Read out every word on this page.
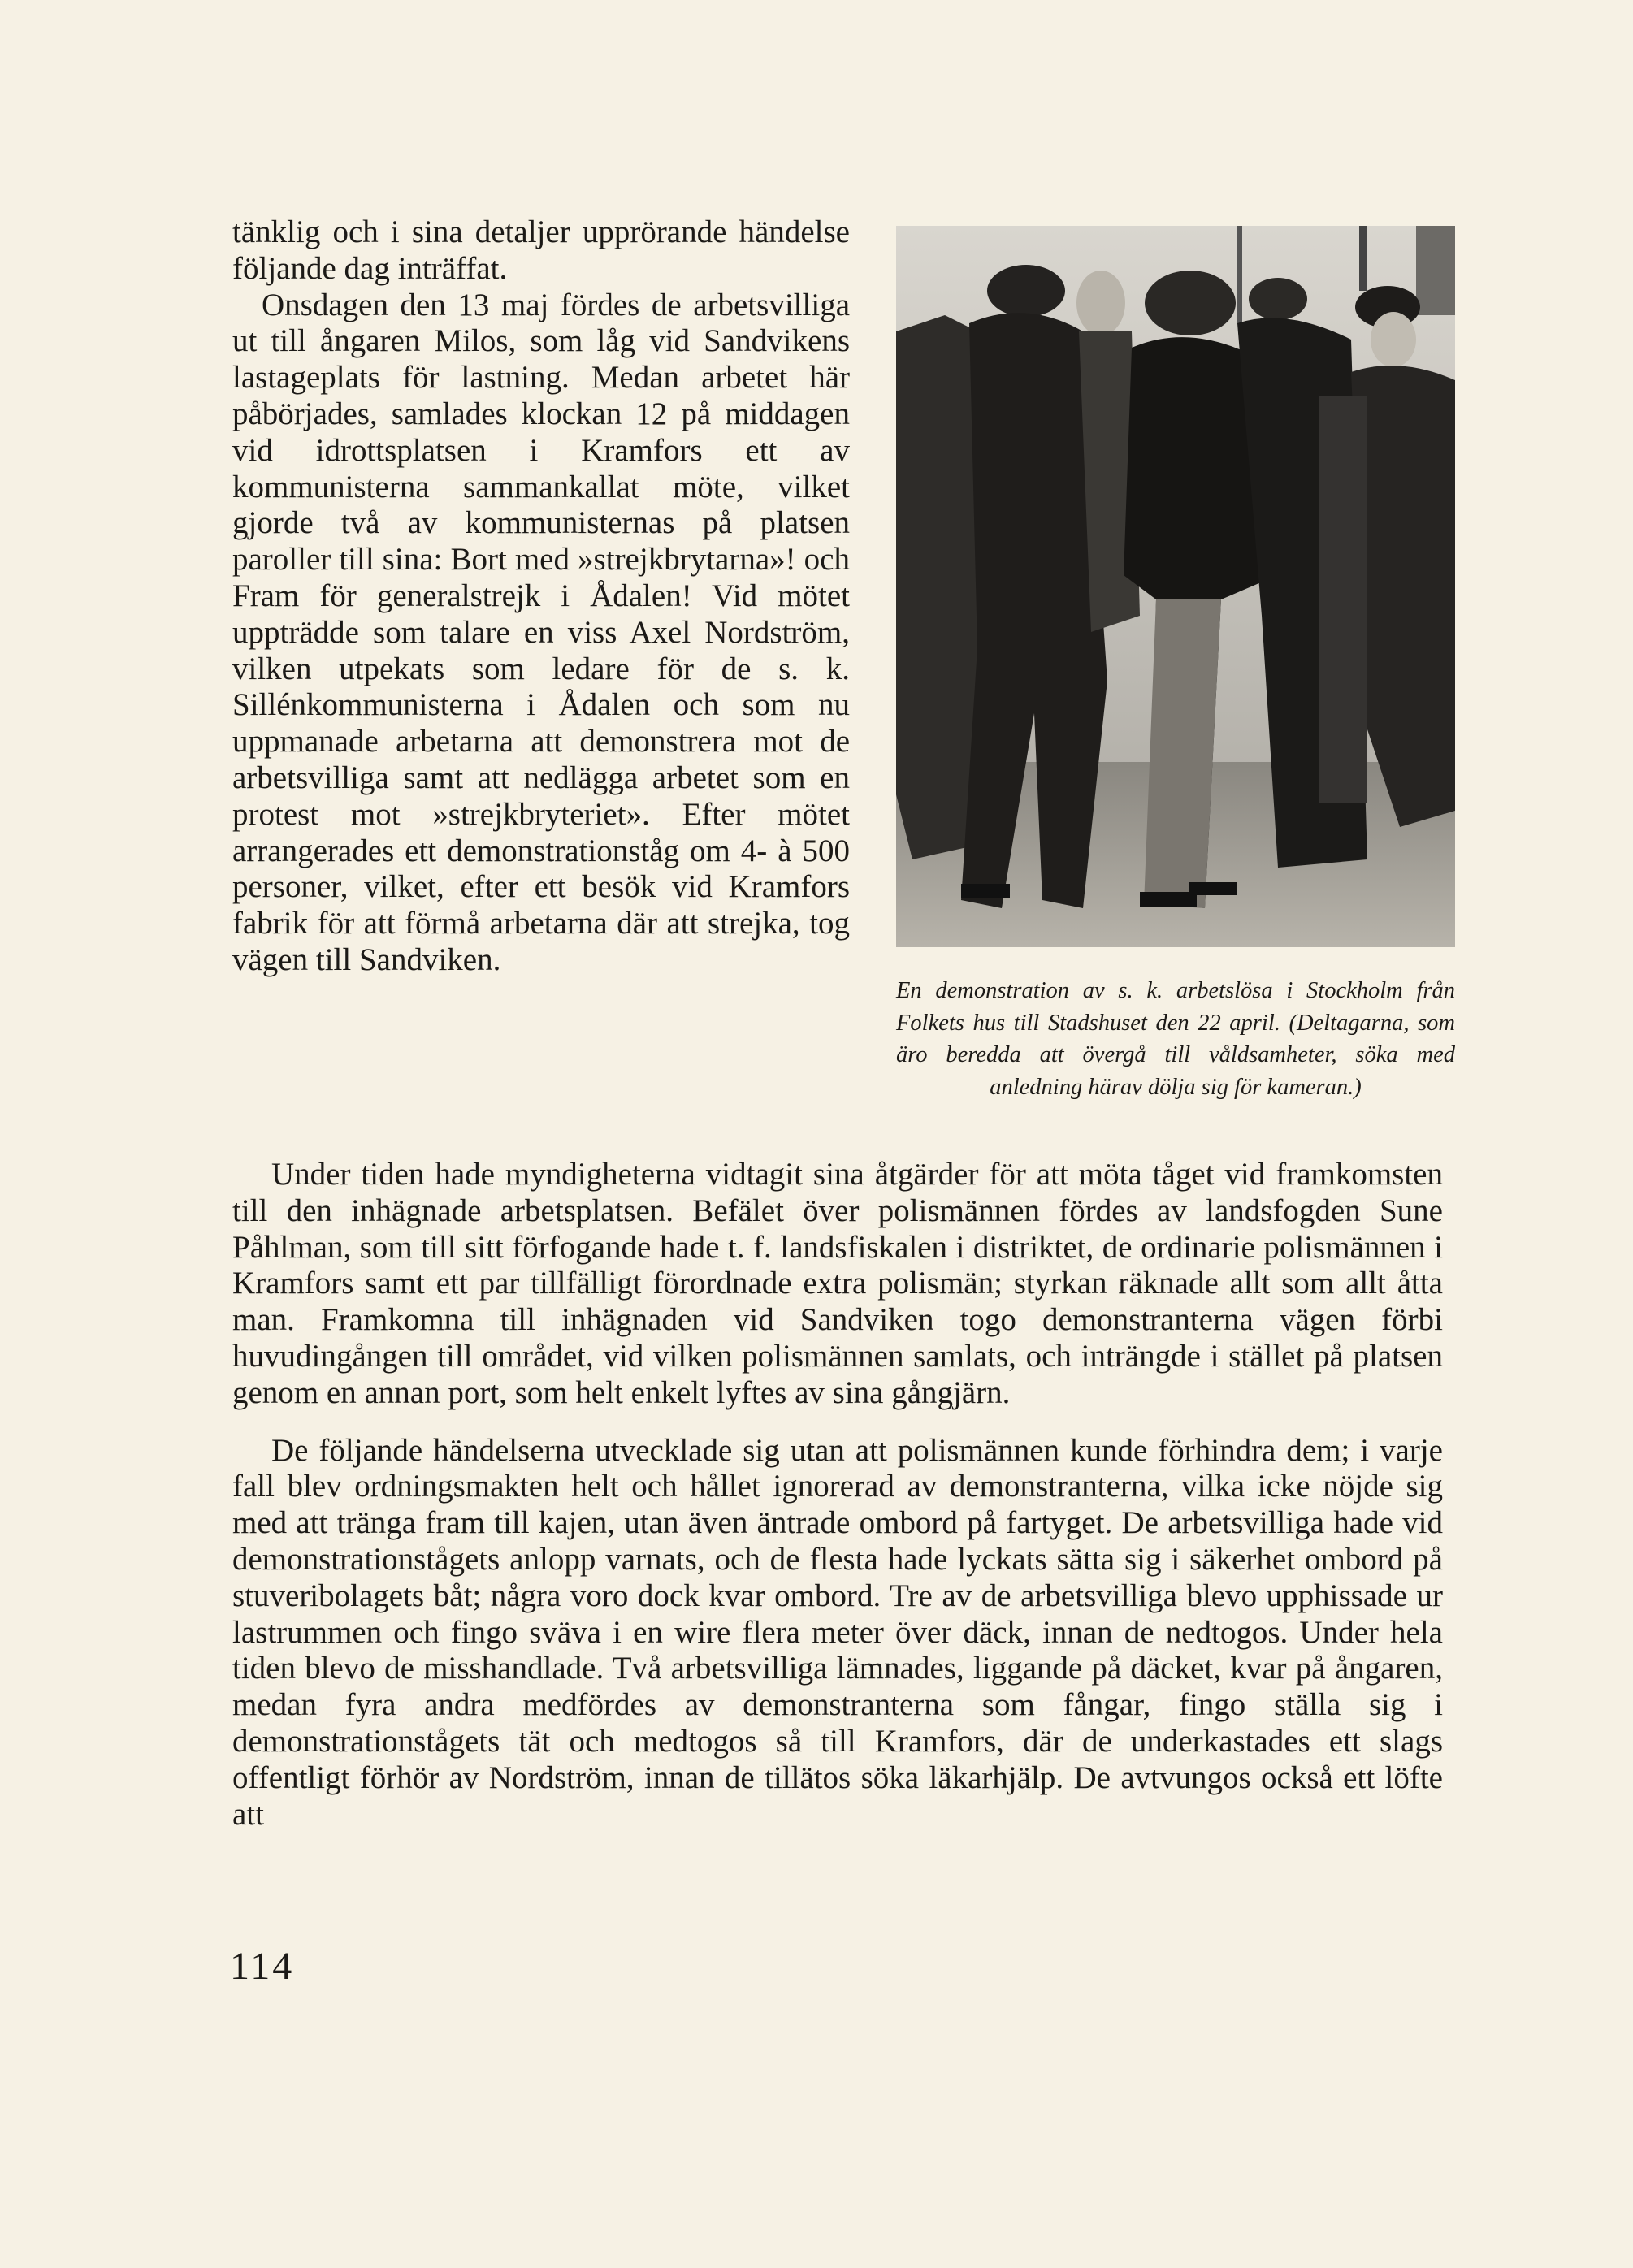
tänklig och i sina detaljer upprörande händelse följande dag inträffat.

Onsdagen den 13 maj fördes de arbetsvilliga ut till ångaren Milos, som låg vid Sandvikens lastageplats för lastning. Medan arbetet här påbörjades, samlades klockan 12 på middagen vid idrottsplatsen i Kramfors ett av kommunisterna sammankallat möte, vilket gjorde två av kommunisternas på platsen paroller till sina: Bort med »strejkbrytarna»! och Fram för generalstrejk i Ådalen! Vid mötet uppträdde som talare en viss Axel Nordström, vilken utpekats som ledare för de s. k. Sillénkommunisterna i Ådalen och som nu uppmanade arbetarna att demonstrera mot de arbetsvilliga samt att nedlägga arbetet som en protest mot »strejkbryteriet». Efter mötet arrangerades ett demonstrationståg om 4- à 500 personer, vilket, efter ett besök vid Kramfors fabrik för att förmå arbetarna där att strejka, tog vägen till Sandviken.

En demonstration av s. k. arbetslösa i Stockholm från Folkets hus till Stadshuset den 22 april. (Deltagarna, som äro beredda att övergå till våldsamheter, söka med anledning härav dölja sig för kameran.)

Under tiden hade myndigheterna vidtagit sina åtgärder för att möta tåget vid framkomsten till den inhägnade arbetsplatsen. Befälet över polismännen fördes av landsfogden Sune Påhlman, som till sitt förfogande hade t. f. landsfiskalen i distriktet, de ordinarie polismännen i Kramfors samt ett par tillfälligt förordnade extra polismän; styrkan räknade allt som allt åtta man. Framkomna till inhägnaden vid Sandviken togo demonstranterna vägen förbi huvudingången till området, vid vilken polismännen samlats, och inträngde i stället på platsen genom en annan port, som helt enkelt lyftes av sina gångjärn.

De följande händelserna utvecklade sig utan att polismännen kunde förhindra dem; i varje fall blev ordningsmakten helt och hållet ignorerad av demonstranterna, vilka icke nöjde sig med att tränga fram till kajen, utan även äntrade ombord på fartyget. De arbetsvilliga hade vid demonstrationstågets anlopp varnats, och de flesta hade lyckats sätta sig i säkerhet ombord på stuveribolagets båt; några voro dock kvar ombord. Tre av de arbetsvilliga blevo upphissade ur lastrummen och fingo sväva i en wire flera meter över däck, innan de nedtogos. Under hela tiden blevo de misshandlade. Två arbetsvilliga lämnades, liggande på däcket, kvar på ångaren, medan fyra andra medfördes av demonstranterna som fångar, fingo ställa sig i demonstrationstågets tät och medtogos så till Kramfors, där de underkastades ett slags offentligt förhör av Nordström, innan de tillätos söka läkarhjälp. De avtvungos också ett löfte att

114
